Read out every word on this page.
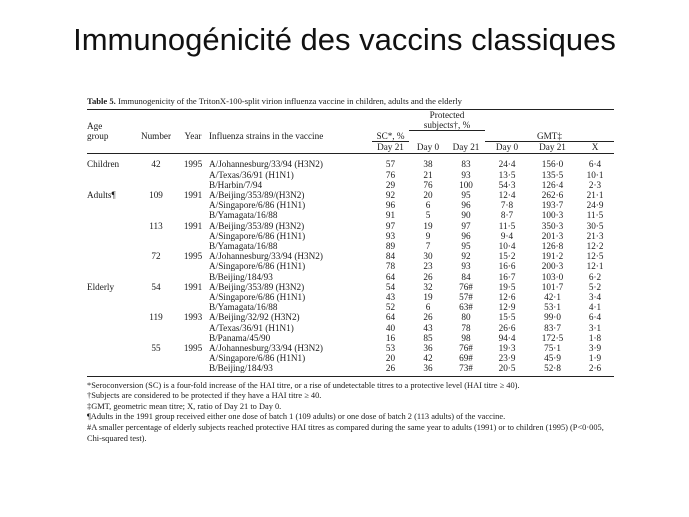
Immunogénicité des vaccins classiques
Table 5. Immunogenicity of the TritonX-100-split virion influenza vaccine in children, adults and the elderly
Age					Protected
subjects†, %				

group	Number	Year	Influenza strains in the vaccine	SC*, %			GMT‡		
				Day 21	Day 0	Day 21	Day 0	Day 21	X
Children	42	1995	A/Johannesburg/33/94 (H3N2)	57	38	83	24·4	156·0	6·4
			A/Texas/36/91 (H1N1)	76	21	93	13·5	135·5	10·1
			B/Harbin/7/94	29	76	100	54·3	126·4	2·3
Adults¶	109	1991	A/Beijing/353/89/(H3N2)	92	20	95	12·4	262·6	21·1
			A/Singapore/6/86 (H1N1)	96	6	96	7·8	193·7	24·9
			B/Yamagata/16/88	91	5	90	8·7	100·3	11·5
	113	1991	A/Beijing/353/89 (H3N2)	97	19	97	11·5	350·3	30·5
			A/Singapore/6/86 (H1N1)	93	9	96	9·4	201·3	21·3
			B/Yamagata/16/88	89	7	95	10·4	126·8	12·2
	72	1995	A/Johannesburg/33/94 (H3N2)	84	30	92	15·2	191·2	12·5
			A/Singapore/6/86 (H1N1)	78	23	93	16·6	200·3	12·1
			B/Beijing/184/93	64	26	84	16·7	103·0	6·2
Elderly	54	1991	A/Beijing/353/89 (H3N2)	54	32	76#	19·5	101·7	5·2
			A/Singapore/6/86 (H1N1)	43	19	57#	12·6	42·1	3·4
			B/Yamagata/16/88	52	6	63#	12·9	53·1	4·1
	119	1993	A/Beijing/32/92 (H3N2)	64	26	80	15·5	99·0	6·4
			A/Texas/36/91 (H1N1)	40	43	78	26·6	83·7	3·1
			B/Panama/45/90	16	85	98	94·4	172·5	1·8
	55	1995	A/Johannesburg/33/94 (H3N2)	53	36	76#	19·3	75·1	3·9
			A/Singapore/6/86 (H1N1)	20	42	69#	23·9	45·9	1·9
			B/Beijing/184/93	26	36	73#	20·5	52·8	2·6
*Seroconversion (SC) is a four-fold increase of the HAI titre, or a rise of undetectable titres to a protective level (HAI titre ≥ 40).
†Subjects are considered to be protected if they have a HAI titre ≥ 40.
‡GMT, geometric mean titre; X, ratio of Day 21 to Day 0.
¶Adults in the 1991 group received either one dose of batch 1 (109 adults) or one dose of batch 2 (113 adults) of the vaccine.
#A smaller percentage of elderly subjects reached protective HAI titres as compared during the same year to adults (1991) or to children (1995) (P<0·005, Chi-squared test).
